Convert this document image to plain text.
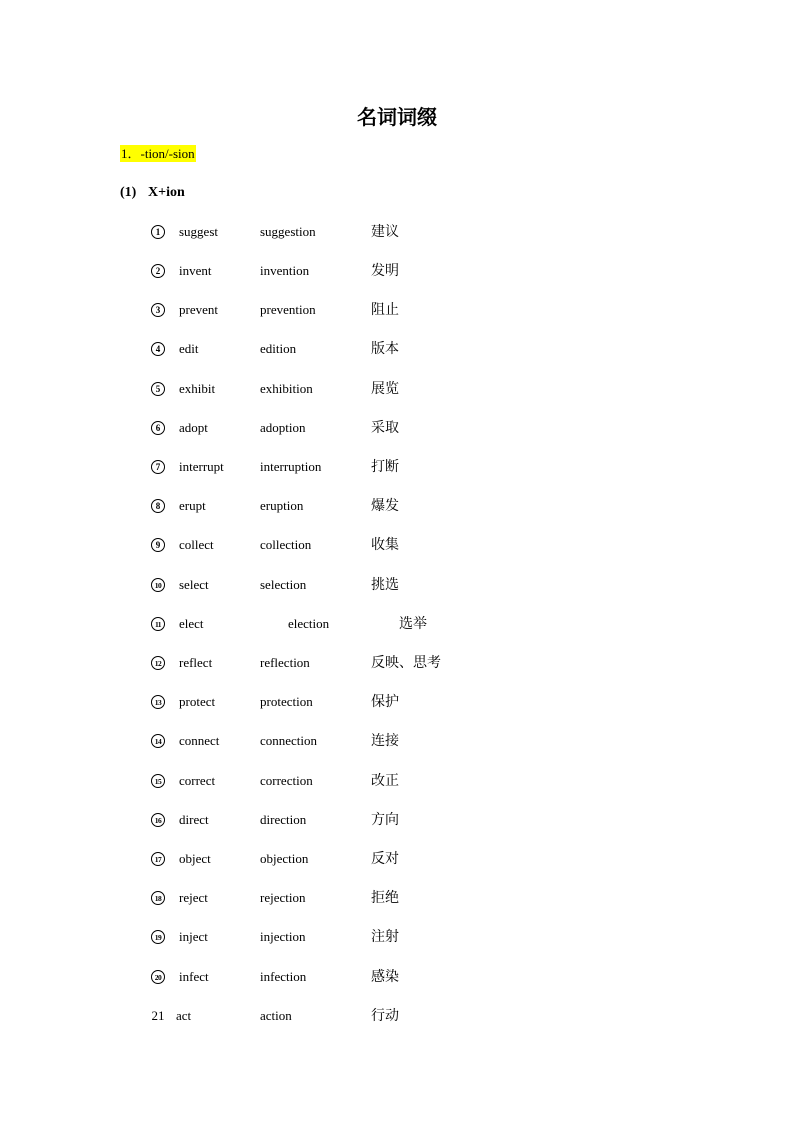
名词词缀
1．-tion/-sion
(1) X+ion
1	suggest	suggestion	建议
2	invent	invention	发明
3	prevent	prevention	阻止
4	edit	edition	版本
5	exhibit	exhibition	展览
6	adopt	adoption	采取
7	interrupt	interruption	打断
8	erupt	eruption	爆发
9	collect	collection	收集
10	select	selection	挑选
11	elect	election	选举
12	reflect	reflection	反映、思考
13	protect	protection	保护
14	connect	connection	连接
15	correct	correction	改正
16	direct	direction	方向
17	object	objection	反对
18	reject	rejection	拒绝
19	inject	injection	注射
20	infect	infection	感染
21 act	action	行动
